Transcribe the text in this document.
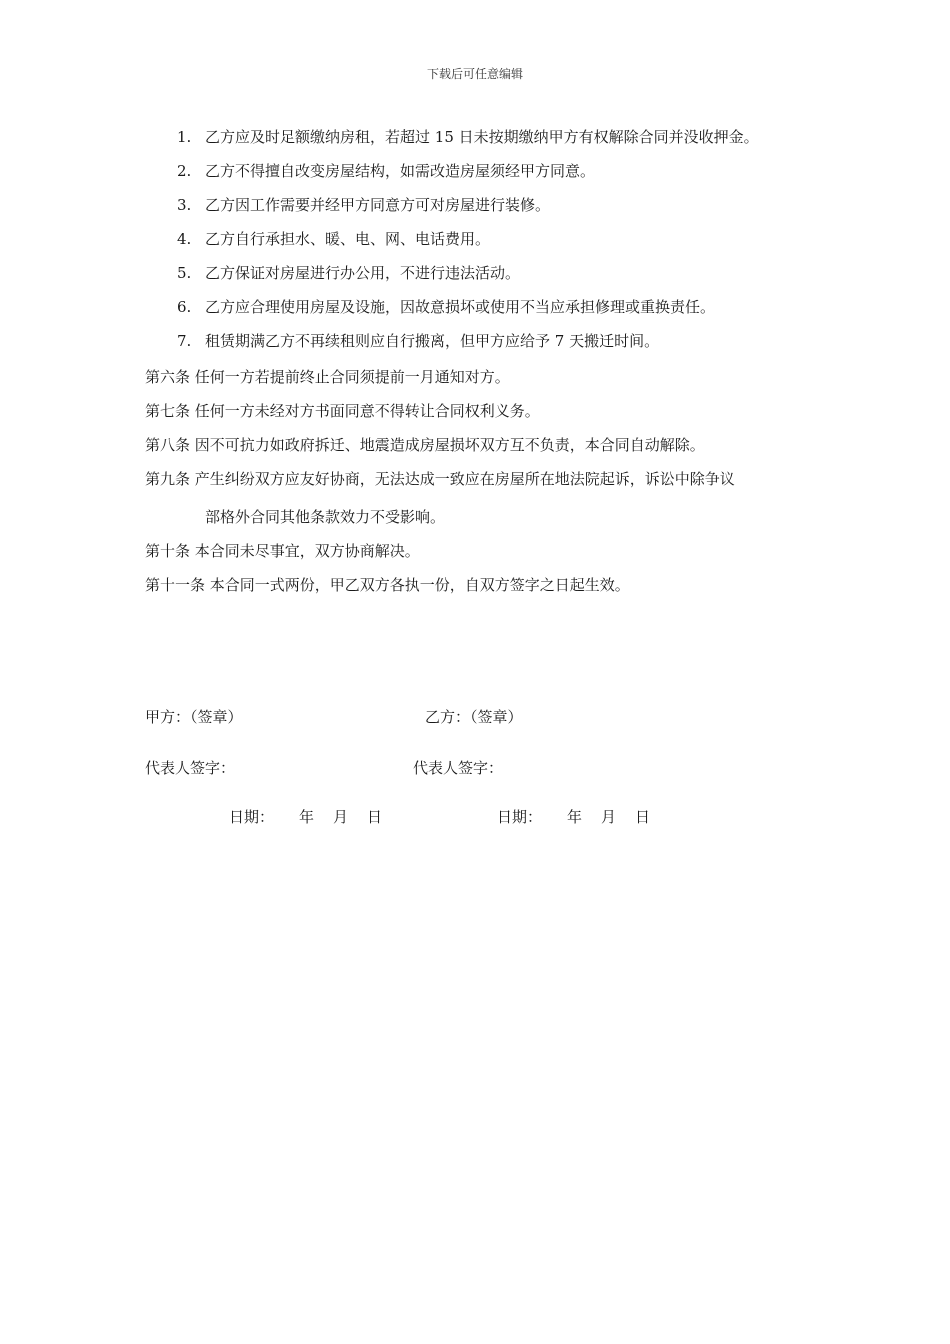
下载后可任意编辑
1. 乙方应及时足额缴纳房租，若超过 15 日未按期缴纳甲方有权解除合同并没收押金。
2. 乙方不得擅自改变房屋结构，如需改造房屋须经甲方同意。
3. 乙方因工作需要并经甲方同意方可对房屋进行装修。
4. 乙方自行承担水、暖、电、网、电话费用。
5. 乙方保证对房屋进行办公用，不进行违法活动。
6. 乙方应合理使用房屋及设施，因故意损坏或使用不当应承担修理或重换责任。
7. 租赁期满乙方不再续租则应自行搬离，但甲方应给予 7 天搬迁时间。
第六条 任何一方若提前终止合同须提前一月通知对方。
第七条 任何一方未经对方书面同意不得转让合同权利义务。
第八条 因不可抗力如政府拆迁、地震造成房屋损坏双方互不负责，本合同自动解除。
第九条 产生纠纷双方应友好协商，无法达成一致应在房屋所在地法院起诉，诉讼中除争议
部格外合同其他条款效力不受影响。
第十条 本合同未尽事宜，双方协商解决。
第十一条 本合同一式两份，甲乙双方各执一份，自双方签字之日起生效。
甲方：（签章）	乙方：（签章）
代表人签字：	代表人签字：
日期： 年 月 日	日期： 年 月 日
